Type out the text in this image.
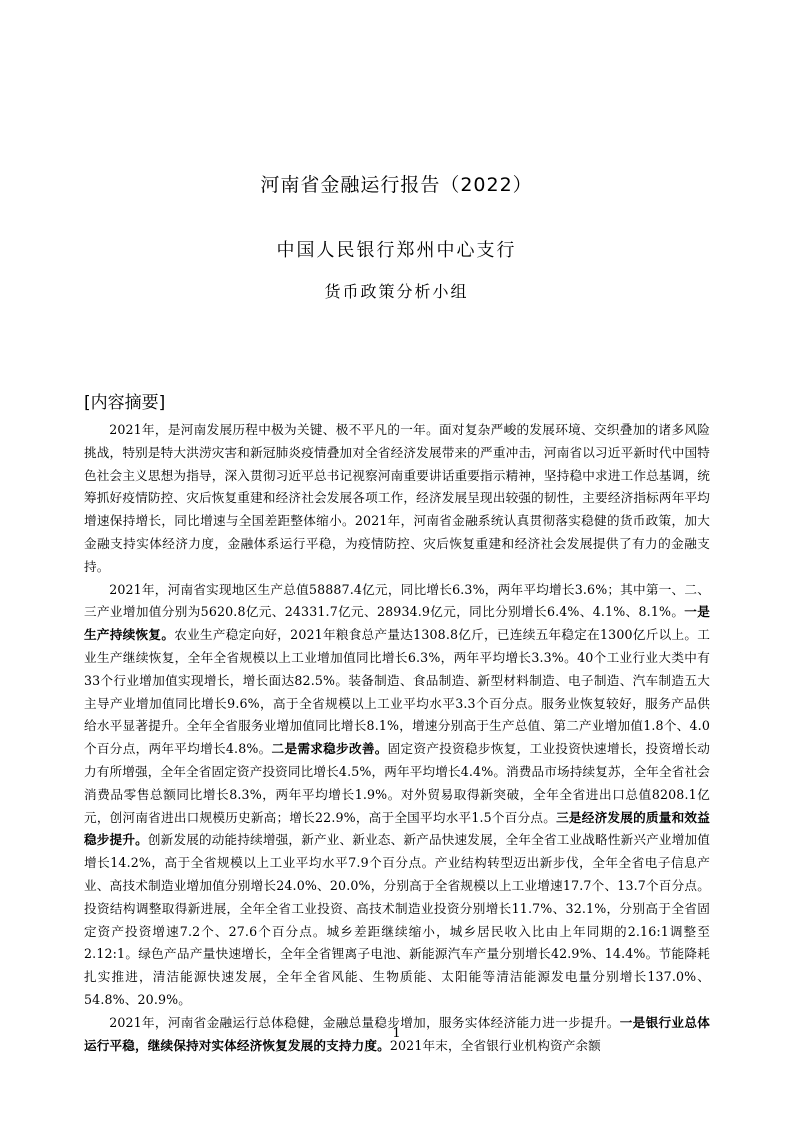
河南省金融运行报告（2022）
中国人民银行郑州中心支行
货币政策分析小组
[内容摘要]

2021年，是河南发展历程中极为关键、极不平凡的一年。面对复杂严峻的发展环境、交织叠加的诸多风险挑战，特别是特大洪涝灾害和新冠肺炎疫情叠加对全省经济发展带来的严重冲击，河南省以习近平新时代中国特色社会主义思想为指导，深入贯彻习近平总书记视察河南重要讲话重要指示精神，坚持稳中求进工作总基调，统筹抓好疫情防控、灾后恢复重建和经济社会发展各项工作，经济发展呈现出较强的韧性，主要经济指标两年平均增速保持增长，同比增速与全国差距整体缩小。2021年，河南省金融系统认真贯彻落实稳健的货币政策，加大金融支持实体经济力度，金融体系运行平稳，为疫情防控、灾后恢复重建和经济社会发展提供了有力的金融支持。

2021年，河南省实现地区生产总值58887.4亿元，同比增长6.3%，两年平均增长3.6%；其中第一、二、三产业增加值分别为5620.8亿元、24331.7亿元、28934.9亿元，同比分别增长6.4%、4.1%、8.1%。一是生产持续恢复。农业生产稳定向好，2021年粮食总产量达1308.8亿斤，已连续五年稳定在1300亿斤以上。工业生产继续恢复，全年全省规模以上工业增加值同比增长6.3%，两年平均增长3.3%。40个工业行业大类中有33个行业增加值实现增长，增长面达82.5%。装备制造、食品制造、新型材料制造、电子制造、汽车制造五大主导产业增加值同比增长9.6%，高于全省规模以上工业平均水平3.3个百分点。服务业恢复较好，服务产品供给水平显著提升。全年全省服务业增加值同比增长8.1%，增速分别高于生产总值、第二产业增加值1.8个、4.0个百分点，两年平均增长4.8%。二是需求稳步改善。固定资产投资稳步恢复，工业投资快速增长，投资增长动力有所增强，全年全省固定资产投资同比增长4.5%，两年平均增长4.4%。消费品市场持续复苏，全年全省社会消费品零售总额同比增长8.3%，两年平均增长1.9%。对外贸易取得新突破，全年全省进出口总值8208.1亿元，创河南省进出口规模历史新高；增长22.9%，高于全国平均水平1.5个百分点。三是经济发展的质量和效益稳步提升。创新发展的动能持续增强，新产业、新业态、新产品快速发展，全年全省工业战略性新兴产业增加值增长14.2%，高于全省规模以上工业平均水平7.9个百分点。产业结构转型迈出新步伐，全年全省电子信息产业、高技术制造业增加值分别增长24.0%、20.0%，分别高于全省规模以上工业增速17.7个、13.7个百分点。投资结构调整取得新进展，全年全省工业投资、高技术制造业投资分别增长11.7%、32.1%，分别高于全省固定资产投资增速7.2个、27.6个百分点。城乡差距继续缩小，城乡居民收入比由上年同期的2.16:1调整至2.12:1。绿色产品产量快速增长，全年全省锂离子电池、新能源汽车产量分别增长42.9%、14.4%。节能降耗扎实推进，清洁能源快速发展，全年全省风能、生物质能、太阳能等清洁能源发电量分别增长137.0%、54.8%、20.9%。

2021年，河南省金融运行总体稳健，金融总量稳步增加，服务实体经济能力进一步提升。一是银行业总体运行平稳，继续保持对实体经济恢复发展的支持力度。2021年末，全省银行业机构资产余额

1
